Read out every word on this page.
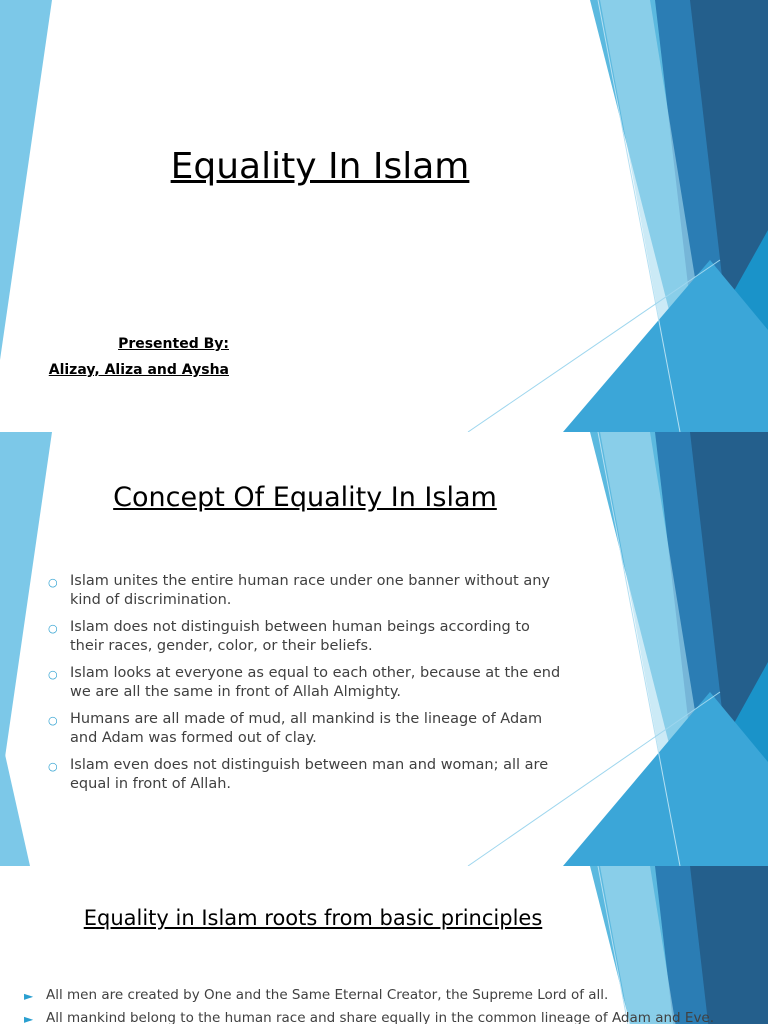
Equality In Islam
Presented By:
Alizay, Aliza and Aysha
Concept Of Equality In Islam
○ Islam unites the entire human race under one banner without any kind of discrimination.
○ Islam does not distinguish between human beings according to their races, gender, color, or their beliefs.
○ Islam looks at everyone as equal to each other, because at the end we are all the same in front of Allah Almighty.
○ Humans are all made of mud, all mankind is the lineage of Adam and Adam was formed out of clay.
○ Islam even does not distinguish between man and woman; all are equal in front of Allah.
Equality in Islam roots from basic principles
► All men are created by One and the Same Eternal Creator, the Supreme Lord of all.
► All mankind belong to the human race and share equally in the common lineage of Adam and Eve.
